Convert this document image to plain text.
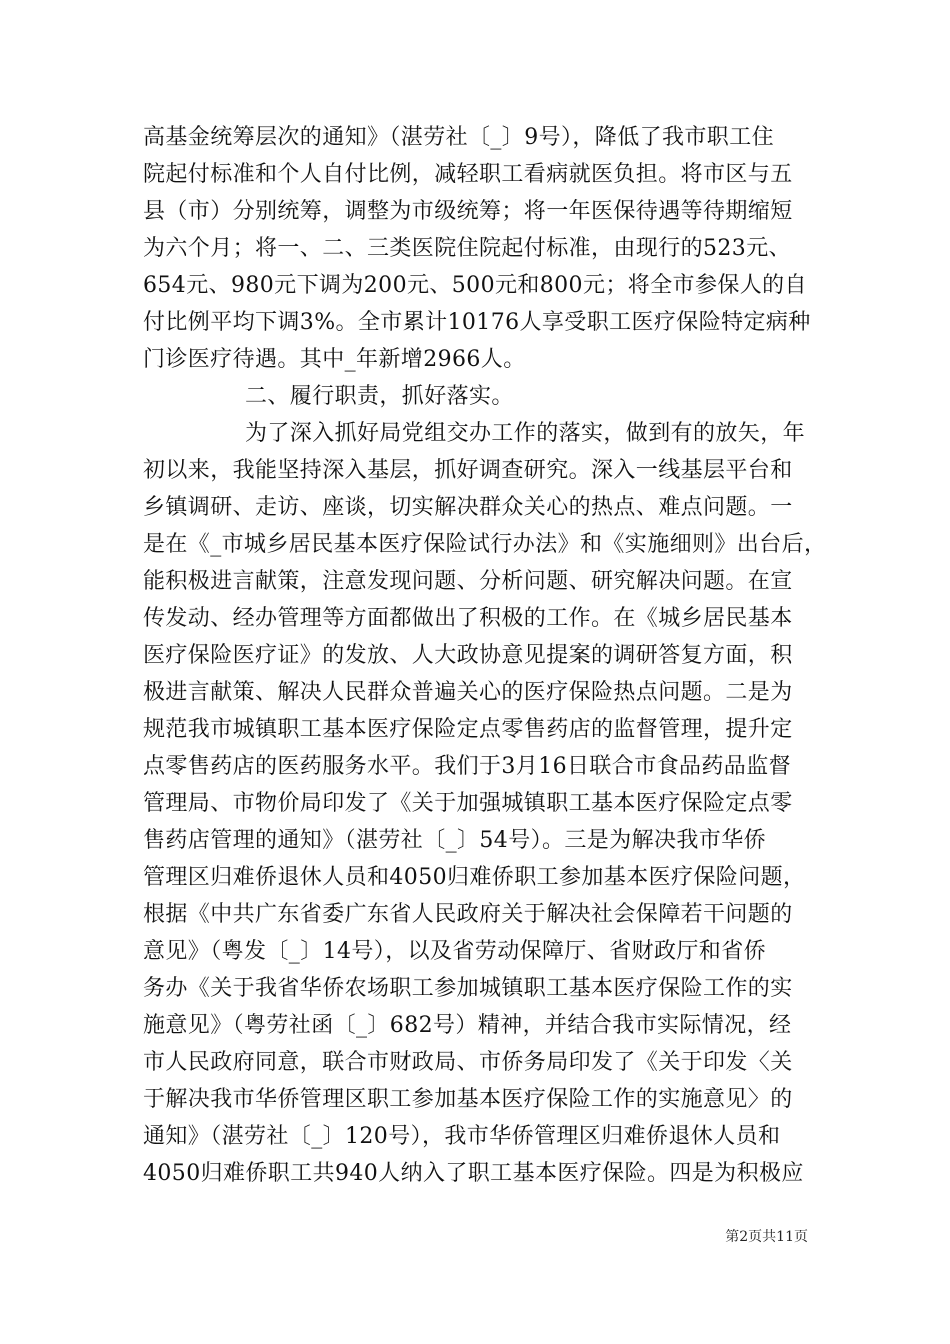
高基金统筹层次的通知》（湛劳社〔_〕9号），降低了我市职工住
院起付标准和个人自付比例，减轻职工看病就医负担。将市区与五
县（市）分别统筹，调整为市级统筹；将一年医保待遇等待期缩短
为六个月；将一、二、三类医院住院起付标准，由现行的523元、
654元、980元下调为200元、500元和800元；将全市参保人的自
付比例平均下调3%。全市累计10176人享受职工医疗保险特定病种
门诊医疗待遇。其中_年新增2966人。
二、履行职责，抓好落实。
为了深入抓好局党组交办工作的落实，做到有的放矢，年
初以来，我能坚持深入基层，抓好调查研究。深入一线基层平台和
乡镇调研、走访、座谈，切实解决群众关心的热点、难点问题。一
是在《_市城乡居民基本医疗保险试行办法》和《实施细则》出台后，
能积极进言献策，注意发现问题、分析问题、研究解决问题。在宣
传发动、经办管理等方面都做出了积极的工作。在《城乡居民基本
医疗保险医疗证》的发放、人大政协意见提案的调研答复方面，积
极进言献策、解决人民群众普遍关心的医疗保险热点问题。二是为
规范我市城镇职工基本医疗保险定点零售药店的监督管理，提升定
点零售药店的医药服务水平。我们于3月16日联合市食品药品监督
管理局、市物价局印发了《关于加强城镇职工基本医疗保险定点零
售药店管理的通知》（湛劳社〔_〕54号）。三是为解决我市华侨
管理区归难侨退休人员和4050归难侨职工参加基本医疗保险问题，
根据《中共广东省委广东省人民政府关于解决社会保障若干问题的
意见》（粤发〔_〕14号），以及省劳动保障厅、省财政厅和省侨
务办《关于我省华侨农场职工参加城镇职工基本医疗保险工作的实
施意见》（粤劳社函〔_〕682号）精神，并结合我市实际情况，经
市人民政府同意，联合市财政局、市侨务局印发了《关于印发〈关
于解决我市华侨管理区职工参加基本医疗保险工作的实施意见〉的
通知》（湛劳社〔_〕120号），我市华侨管理区归难侨退休人员和
4050归难侨职工共940人纳入了职工基本医疗保险。四是为积极应
第2页共11页
